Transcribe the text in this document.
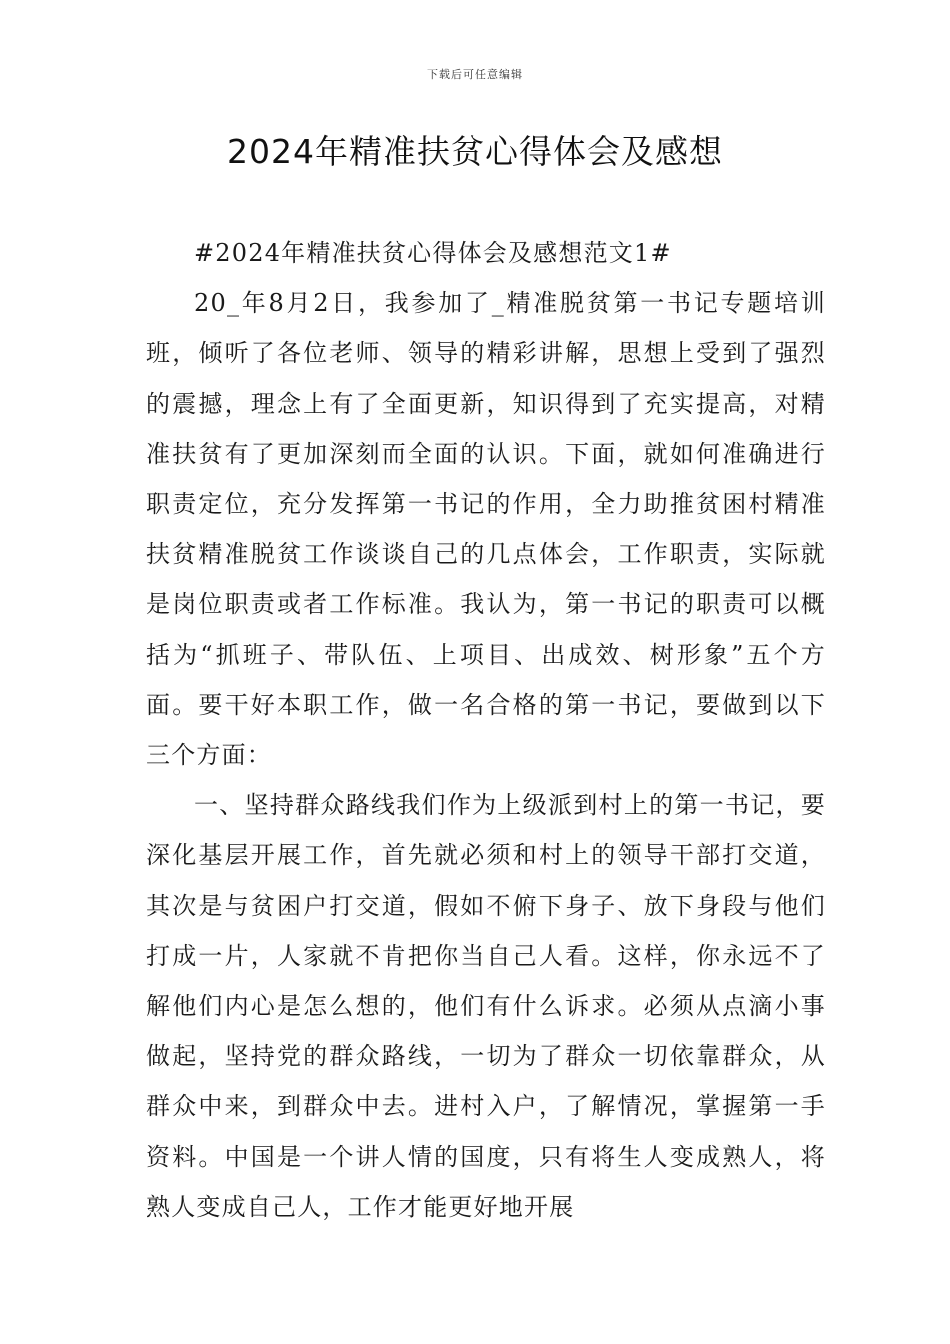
下载后可任意编辑
2024年精准扶贫心得体会及感想

#2024年精准扶贫心得体会及感想范文1#

20_年8月2日，我参加了_精准脱贫第一书记专题培训班，倾听了各位老师、领导的精彩讲解，思想上受到了强烈的震撼，理念上有了全面更新，知识得到了充实提高，对精准扶贫有了更加深刻而全面的认识。下面，就如何准确进行职责定位，充分发挥第一书记的作用，全力助推贫困村精准扶贫精准脱贫工作谈谈自己的几点体会，工作职责，实际就是岗位职责或者工作标准。我认为，第一书记的职责可以概括为“抓班子、带队伍、上项目、出成效、树形象”五个方面。要干好本职工作，做一名合格的第一书记，要做到以下三个方面：

一、坚持群众路线我们作为上级派到村上的第一书记，要深化基层开展工作，首先就必须和村上的领导干部打交道，其次是与贫困户打交道，假如不俯下身子、放下身段与他们打成一片，人家就不肯把你当自己人看。这样，你永远不了解他们内心是怎么想的，他们有什么诉求。必须从点滴小事做起，坚持党的群众路线，一切为了群众一切依靠群众，从群众中来，到群众中去。进村入户，了解情况，掌握第一手资料。中国是一个讲人情的国度，只有将生人变成熟人，将熟人变成自己人，工作才能更好地开展
